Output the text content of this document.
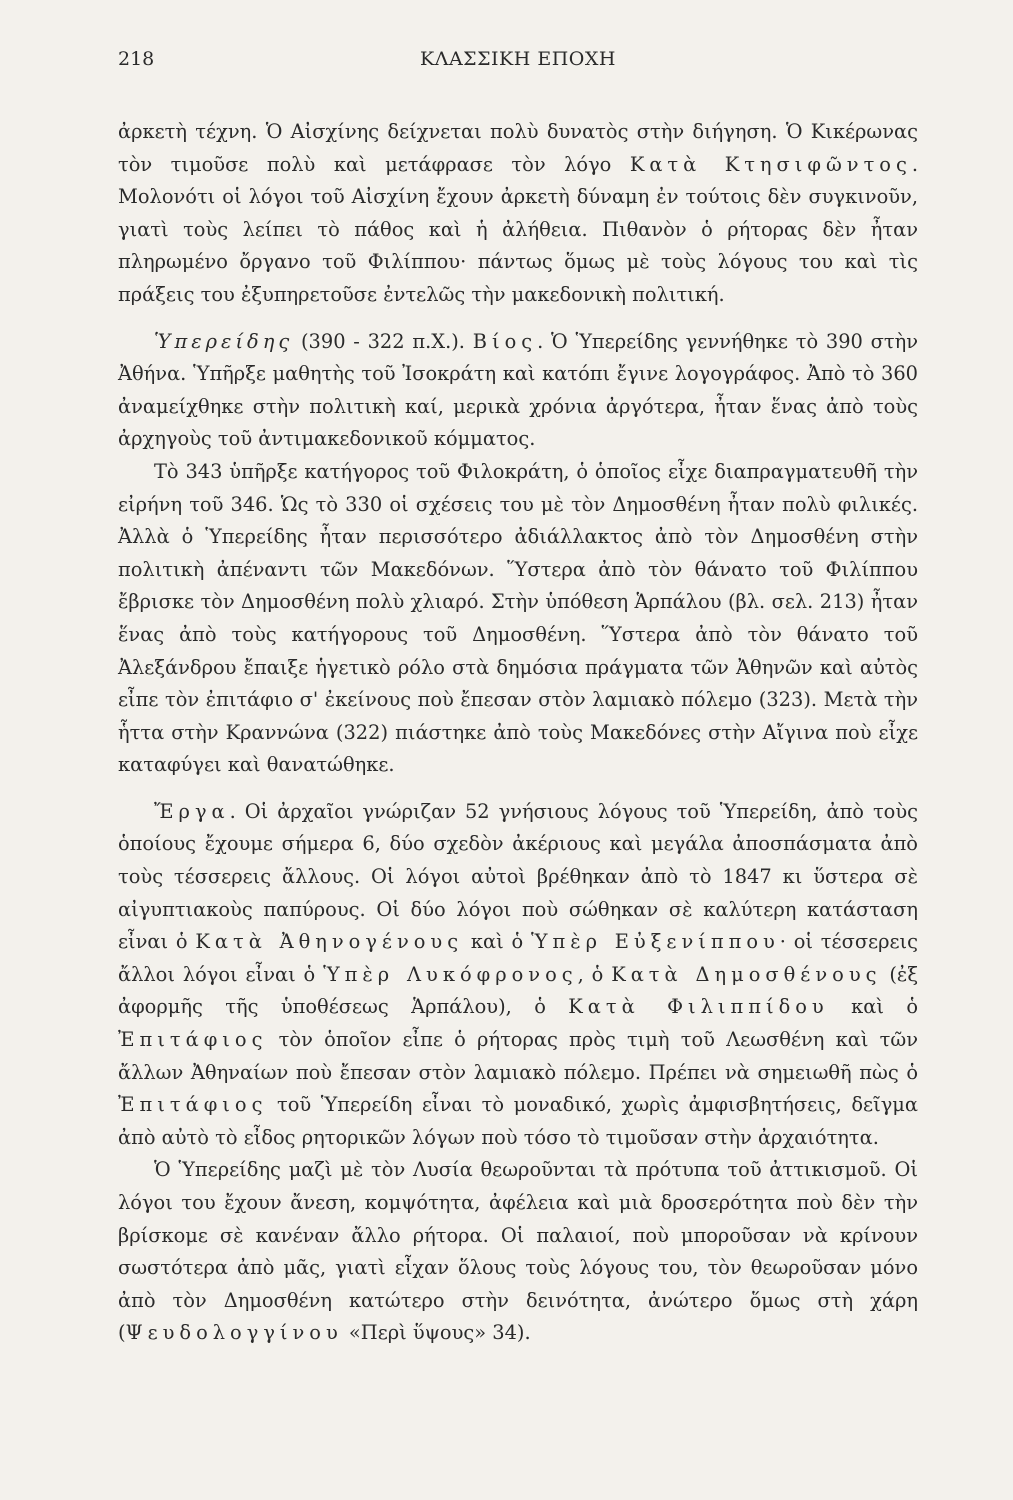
218	ΚΛΑΣΣΙΚΗ ΕΠΟΧΗ

ἀρκετὴ τέχνη. Ὁ Αἰσχίνης δείχνεται πολὺ δυνατὸς στὴν διήγηση. Ὁ Κικέρωνας τὸν τιμοῦσε πολὺ καὶ μετάφρασε τὸν λόγο Κατὰ Κτησιφῶντος. Μολονότι οἱ λόγοι τοῦ Αἰσχίνη ἔχουν ἀρκετὴ δύναμη ἐν τούτοις δὲν συγκινοῦν, γιατὶ τοὺς λείπει τὸ πάθος καὶ ἡ ἀλήθεια. Πιθανὸν ὁ ρήτορας δὲν ἦταν πληρωμένο ὄργανο τοῦ Φιλίππου· πάντως ὅμως μὲ τοὺς λόγους του καὶ τὶς πράξεις του ἐξυπηρετοῦσε ἐντελῶς τὴν μακεδονικὴ πολιτική.

Ὑπερείδης (390 - 322 π.Χ.). Βίος. Ὁ Ὑπερείδης γεννήθηκε τὸ 390 στὴν Ἀθήνα. Ὑπῆρξε μαθητὴς τοῦ Ἰσοκράτη καὶ κατόπι ἔγινε λογογράφος. Ἀπὸ τὸ 360 ἀναμείχθηκε στὴν πολιτικὴ καί, μερικὰ χρόνια ἀργότερα, ἦταν ἕνας ἀπὸ τοὺς ἀρχηγοὺς τοῦ ἀντιμακεδονικοῦ κόμματος.

Τὸ 343 ὑπῆρξε κατήγορος τοῦ Φιλοκράτη, ὁ ὁποῖος εἶχε διαπραγματευθῆ τὴν εἰρήνη τοῦ 346. Ὡς τὸ 330 οἱ σχέσεις του μὲ τὸν Δημοσθένη ἦταν πολὺ φιλικές. Ἀλλὰ ὁ Ὑπερείδης ἦταν περισσότερο ἀδιάλλακτος ἀπὸ τὸν Δημοσθένη στὴν πολιτικὴ ἀπέναντι τῶν Μακεδόνων. Ὕστερα ἀπὸ τὸν θάνατο τοῦ Φιλίππου ἔβρισκε τὸν Δημοσθένη πολὺ χλιαρό. Στὴν ὑπόθεση Ἁρπάλου (βλ. σελ. 213) ἦταν ἕνας ἀπὸ τοὺς κατήγορους τοῦ Δημοσθένη. Ὕστερα ἀπὸ τὸν θάνατο τοῦ Ἀλεξάνδρου ἔπαιξε ἡγετικὸ ρόλο στὰ δημόσια πράγματα τῶν Ἀθηνῶν καὶ αὐτὸς εἶπε τὸν ἐπιτάφιο σ' ἐκείνους ποὺ ἔπεσαν στὸν λαμιακὸ πόλεμο (323). Μετὰ τὴν ἧττα στὴν Κραννώνα (322) πιάστηκε ἀπὸ τοὺς Μακεδόνες στὴν Αἴγινα ποὺ εἶχε καταφύγει καὶ θανατώθηκε.

Ἔργα. Οἱ ἀρχαῖοι γνώριζαν 52 γνήσιους λόγους τοῦ Ὑπερείδη, ἀπὸ τοὺς ὁποίους ἔχουμε σήμερα 6, δύο σχεδὸν ἀκέριους καὶ μεγάλα ἀποσπάσματα ἀπὸ τοὺς τέσσερεις ἄλλους. Οἱ λόγοι αὐτοὶ βρέθηκαν ἀπὸ τὸ 1847 κι ὕστερα σὲ αἰγυπτιακοὺς παπύρους. Οἱ δύο λόγοι ποὺ σώθηκαν σὲ καλύτερη κατάσταση εἶναι ὁ Κατὰ Ἀθηνογένους καὶ ὁ Ὑπὲρ Εὐξενίππου· οἱ τέσσερεις ἄλλοι λόγοι εἶναι ὁ Ὑπὲρ Λυκόφρονος, ὁ Κατὰ Δημοσθένους (ἐξ ἀφορμῆς τῆς ὑποθέσεως Ἁρπάλου), ὁ Κατὰ Φιλιππίδου καὶ ὁ Ἐπιτάφιος τὸν ὁποῖον εἶπε ὁ ρήτορας πρὸς τιμὴ τοῦ Λεωσθένη καὶ τῶν ἄλλων Ἀθηναίων ποὺ ἔπεσαν στὸν λαμιακὸ πόλεμο. Πρέπει νὰ σημειωθῆ πὼς ὁ Ἐπιτάφιος τοῦ Ὑπερείδη εἶναι τὸ μοναδικό, χωρὶς ἀμφισβητήσεις, δεῖγμα ἀπὸ αὐτὸ τὸ εἶδος ρητορικῶν λόγων ποὺ τόσο τὸ τιμοῦσαν στὴν ἀρχαιότητα.

Ὁ Ὑπερείδης μαζὶ μὲ τὸν Λυσία θεωροῦνται τὰ πρότυπα τοῦ ἀττικισμοῦ. Οἱ λόγοι του ἔχουν ἄνεση, κομψότητα, ἀφέλεια καὶ μιὰ δροσερότητα ποὺ δὲν τὴν βρίσκομε σὲ κανέναν ἄλλο ρήτορα. Οἱ παλαιοί, ποὺ μποροῦσαν νὰ κρίνουν σωστότερα ἀπὸ μᾶς, γιατὶ εἶχαν ὅλους τοὺς λόγους του, τὸν θεωροῦσαν μόνο ἀπὸ τὸν Δημοσθένη κατώτερο στὴν δεινότητα, ἀνώτερο ὅμως στὴ χάρη (Ψευδολογγίνου «Περὶ ὕψους» 34).
